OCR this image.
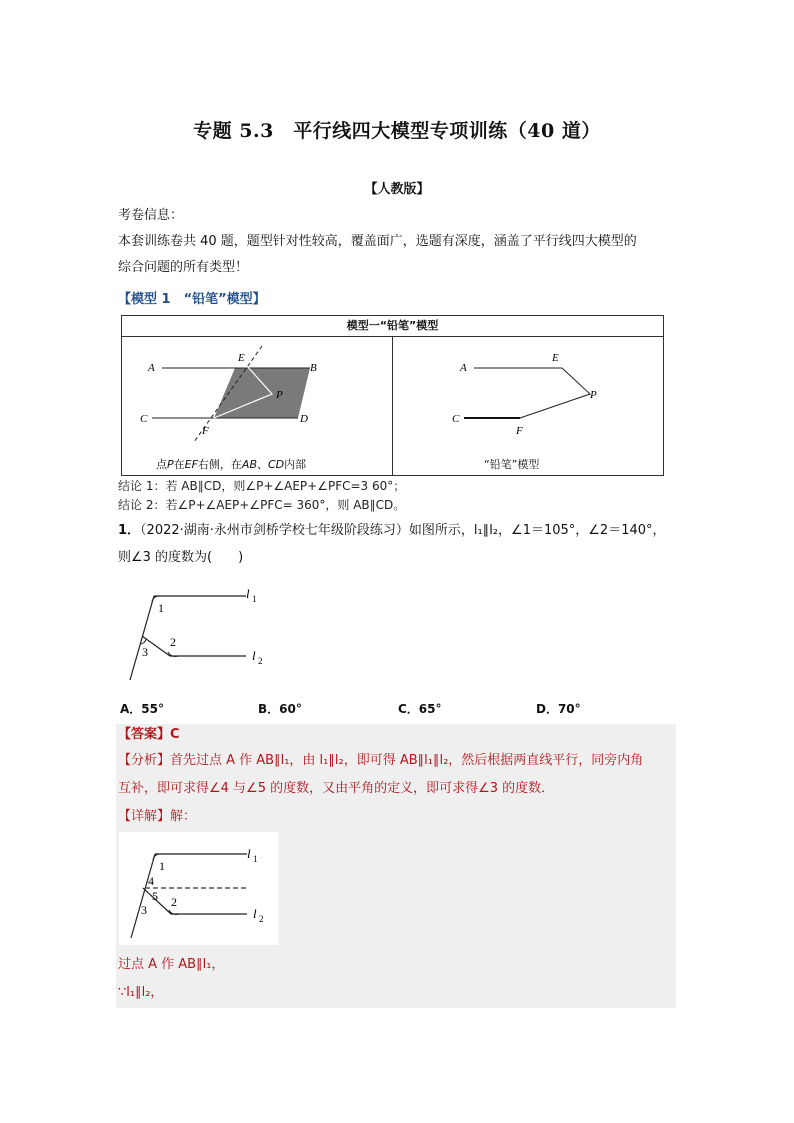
专题 5.3　平行线四大模型专项训练（40 道）
【人教版】
考卷信息：
本套训练卷共 40 题，题型针对性较高，覆盖面广，选题有深度，涵盖了平行线四大模型的
综合问题的所有类型！
【模型 1　“铅笔”模型】
模型一“铅笔”模型
A	B
C	D
E
F
P
A
C
E
F
P
点P在EF右侧，在AB、CD内部	“铅笔”模型
结论 1：若 AB∥CD，则∠P+∠AEP+∠PFC=3 60°；
结论 2：若∠P+∠AEP+∠PFC= 360°，则 AB∥CD。
1．（2022·湖南·永州市剑桥学校七年级阶段练习）如图所示，l₁∥l₂，∠1＝105°，∠2＝140°，
则∠3 的度数为(　　)
1
2
3
l 1
l 2
A．55°	B．60°	C．65°	D．70°
【答案】C
【分析】首先过点 A 作 AB∥l₁，由 l₁∥l₂，即可得 AB∥l₁∥l₂，然后根据两直线平行，同旁内角
互补，即可求得∠4 与∠5 的度数，又由平角的定义，即可求得∠3 的度数．
【详解】解：
1
4
5 2
3
l 1
l 2
过点 A 作 AB∥l₁，
∵l₁∥l₂，
